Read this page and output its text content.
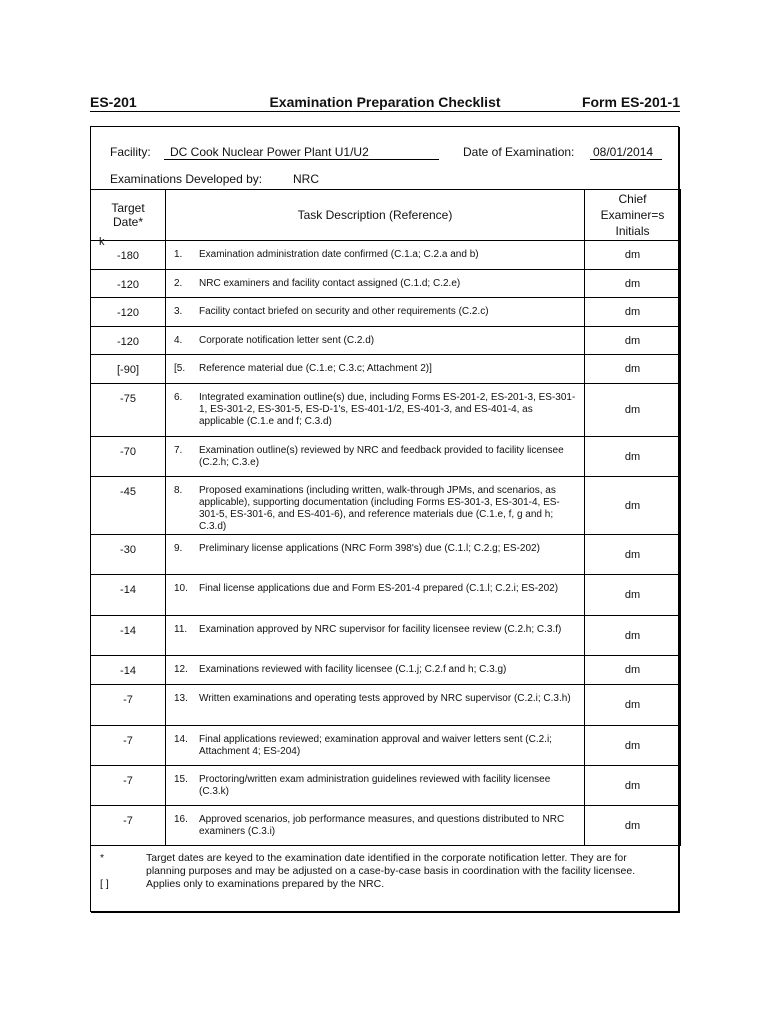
ES-201	Examination Preparation Checklist	Form ES-201-1
Facility:	DC Cook Nuclear Power Plant U1/U2	Date of Examination: 08/01/2014
Examinations Developed by:	NRC
Target Date*	Task Description (Reference)	Chief Examiner=s Initials
-180	1. Examination administration date confirmed (C.1.a; C.2.a and b)	dm
-120	2. NRC examiners and facility contact assigned (C.1.d; C.2.e)	dm
-120	3. Facility contact briefed on security and other requirements (C.2.c)	dm
-120	4. Corporate notification letter sent (C.2.d)	dm
[-90]	[5. Reference material due (C.1.e; C.3.c; Attachment 2)]	dm
-75	6. Integrated examination outline(s) due, including Forms ES-201-2, ES-201-3, ES-301-1, ES-301-2, ES-301-5, ES-D-1's, ES-401-1/2, ES-401-3, and ES-401-4, as applicable (C.1.e and f; C.3.d)	dm
-70	7. Examination outline(s) reviewed by NRC and feedback provided to facility licensee (C.2.h; C.3.e)	dm
-45	8. Proposed examinations (including written, walk-through JPMs, and scenarios, as applicable), supporting documentation (including Forms ES-301-3, ES-301-4, ES-301-5, ES-301-6, and ES-401-6), and reference materials due (C.1.e, f, g and h; C.3.d)	dm
-30	9. Preliminary license applications (NRC Form 398's) due (C.1.l; C.2.g; ES-202)	dm
-14	10. Final license applications due and Form ES-201-4 prepared (C.1.l; C.2.i; ES-202)	dm
-14	11. Examination approved by NRC supervisor for facility licensee review (C.2.h; C.3.f)	dm
-14	12. Examinations reviewed with facility licensee (C.1.j; C.2.f and h; C.3.g)	dm
-7	13. Written examinations and operating tests approved by NRC supervisor (C.2.i; C.3.h)	dm
-7	14. Final applications reviewed; examination approval and waiver letters sent (C.2.i; Attachment 4; ES-204)	dm
-7	15. Proctoring/written exam administration guidelines reviewed with facility licensee (C.3.k)	dm
-7	16. Approved scenarios, job performance measures, and questions distributed to NRC examiners (C.3.i)	dm
k
*	Target dates are keyed to the examination date identified in the corporate notification letter. They are for planning purposes and may be adjusted on a case-by-case basis in coordination with the facility licensee.
[ ]	Applies only to examinations prepared by the NRC.
